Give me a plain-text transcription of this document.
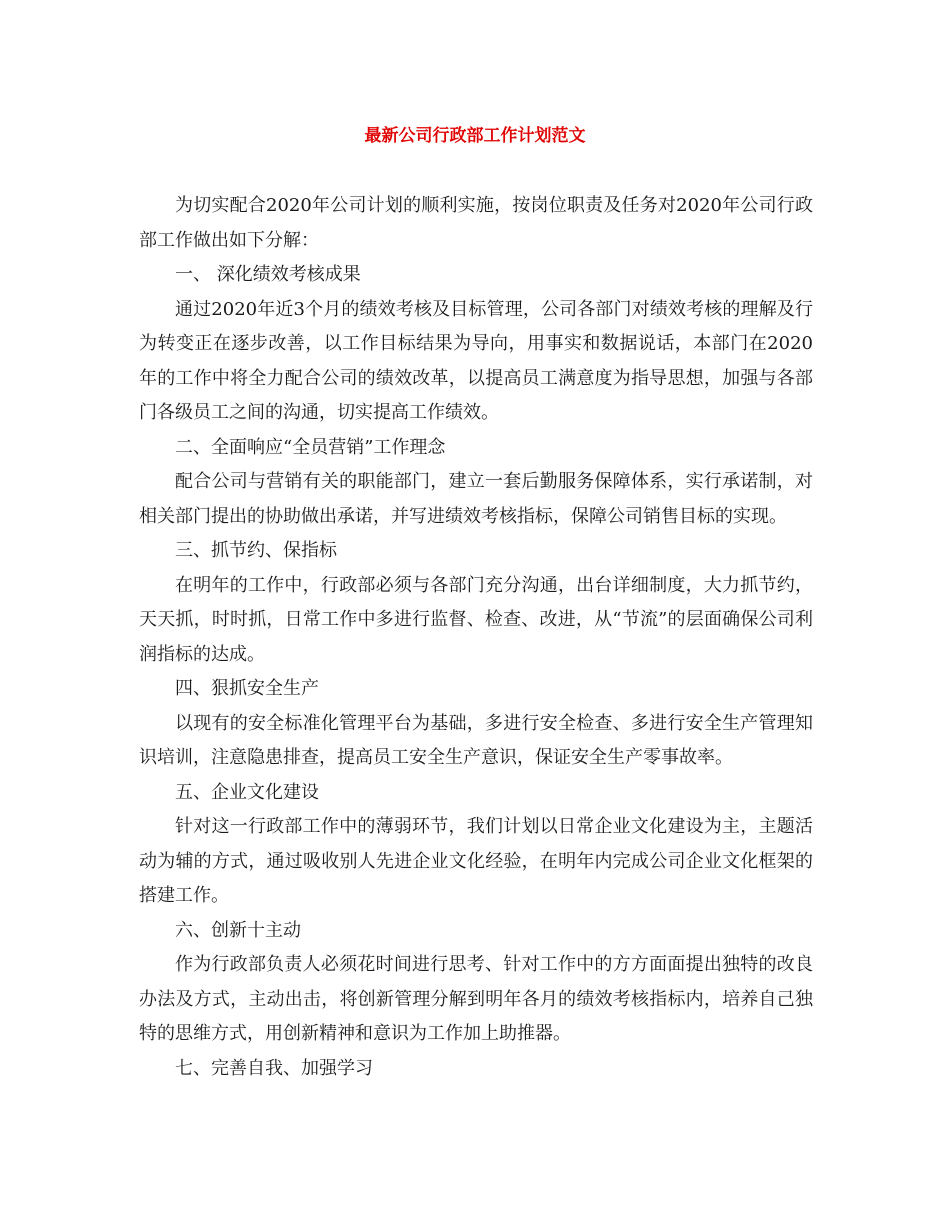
最新公司行政部工作计划范文

为切实配合2020年公司计划的顺利实施，按岗位职责及任务对2020年公司行政部工作做出如下分解：

一、 深化绩效考核成果

通过2020年近3个月的绩效考核及目标管理，公司各部门对绩效考核的理解及行为转变正在逐步改善，以工作目标结果为导向，用事实和数据说话，本部门在2020年的工作中将全力配合公司的绩效改革，以提高员工满意度为指导思想，加强与各部门各级员工之间的沟通，切实提高工作绩效。

二、全面响应“全员营销”工作理念

配合公司与营销有关的职能部门，建立一套后勤服务保障体系，实行承诺制，对相关部门提出的协助做出承诺，并写进绩效考核指标，保障公司销售目标的实现。

三、抓节约、保指标

在明年的工作中，行政部必须与各部门充分沟通，出台详细制度，大力抓节约，天天抓，时时抓，日常工作中多进行监督、检查、改进，从“节流”的层面确保公司利润指标的达成。

四、狠抓安全生产

以现有的安全标准化管理平台为基础，多进行安全检查、多进行安全生产管理知识培训，注意隐患排查，提高员工安全生产意识，保证安全生产零事故率。

五、企业文化建设

针对这一行政部工作中的薄弱环节，我们计划以日常企业文化建设为主，主题活动为辅的方式，通过吸收别人先进企业文化经验，在明年内完成公司企业文化框架的搭建工作。

六、创新十主动

作为行政部负责人必须花时间进行思考、针对工作中的方方面面提出独特的改良办法及方式，主动出击，将创新管理分解到明年各月的绩效考核指标内，培养自己独特的思维方式，用创新精神和意识为工作加上助推器。

七、完善自我、加强学习
